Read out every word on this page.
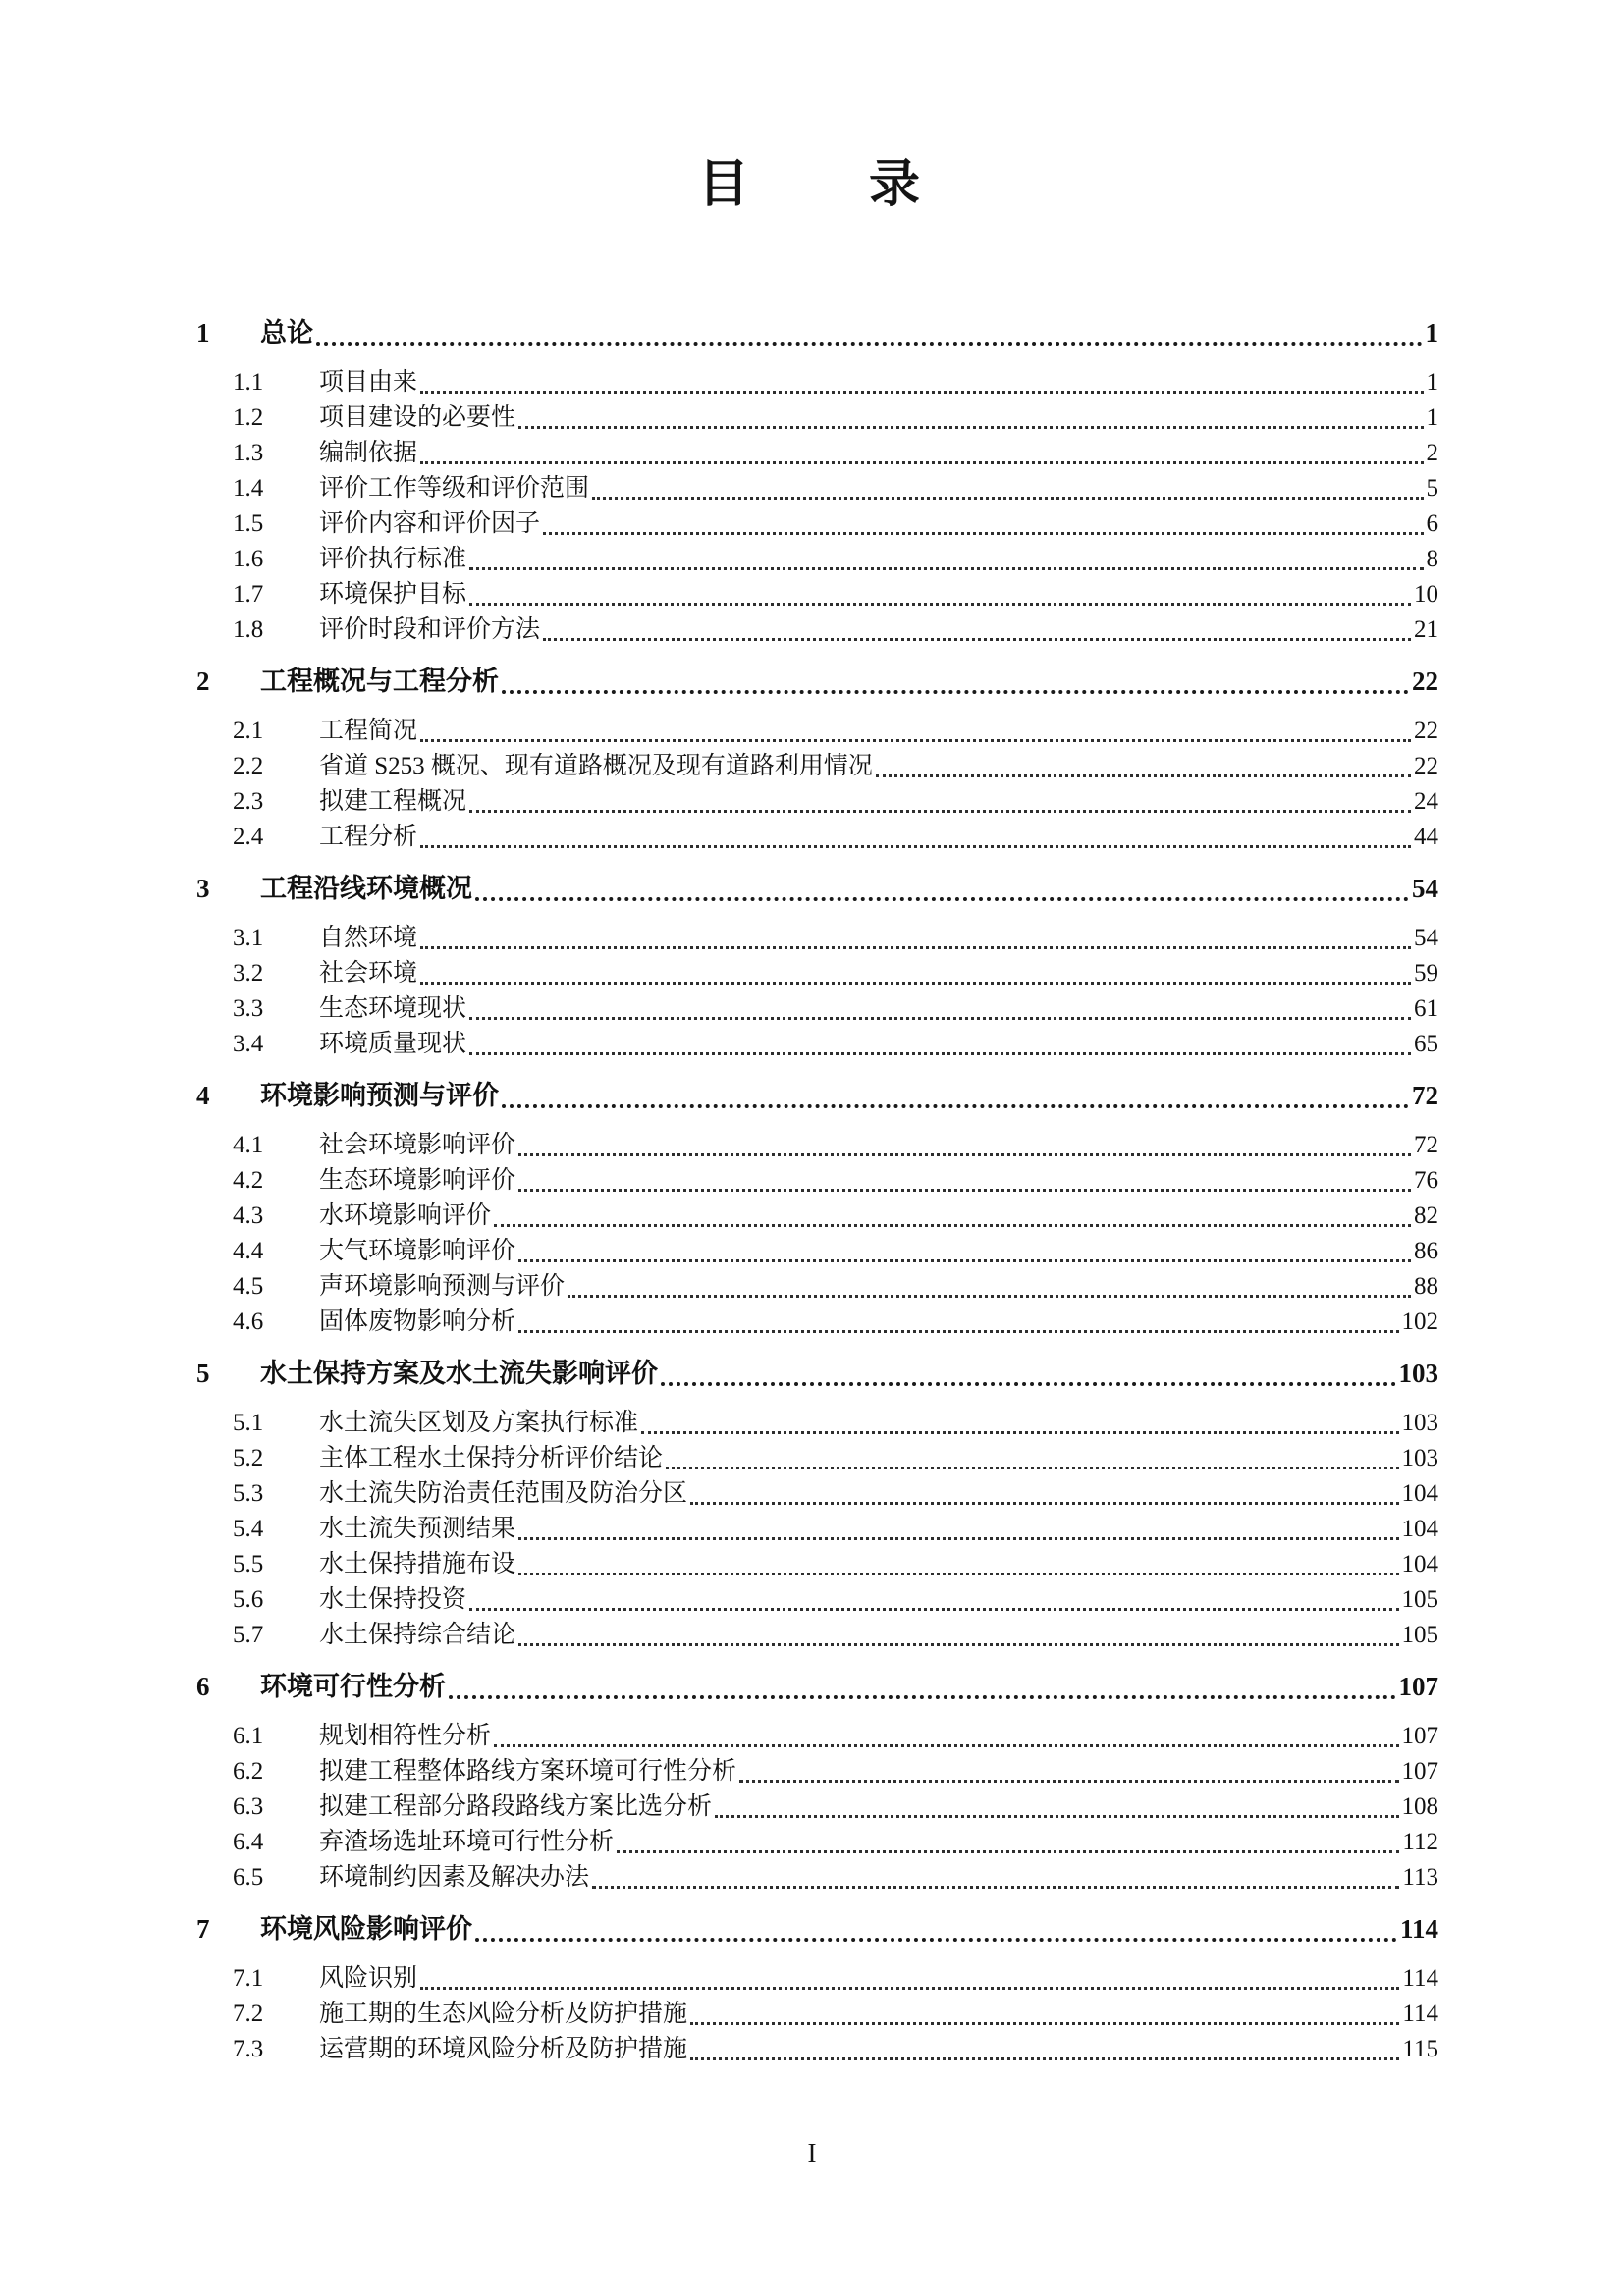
目　　录
1	总论	1
1.1	项目由来	1
1.2	项目建设的必要性	1
1.3	编制依据	2
1.4	评价工作等级和评价范围	5
1.5	评价内容和评价因子	6
1.6	评价执行标准	8
1.7	环境保护目标	10
1.8	评价时段和评价方法	21
2	工程概况与工程分析	22
2.1	工程简况	22
2.2	省道 S253 概况、现有道路概况及现有道路利用情况	22
2.3	拟建工程概况	24
2.4	工程分析	44
3	工程沿线环境概况	54
3.1	自然环境	54
3.2	社会环境	59
3.3	生态环境现状	61
3.4	环境质量现状	65
4	环境影响预测与评价	72
4.1	社会环境影响评价	72
4.2	生态环境影响评价	76
4.3	水环境影响评价	82
4.4	大气环境影响评价	86
4.5	声环境影响预测与评价	88
4.6	固体废物影响分析	102
5	水土保持方案及水土流失影响评价	103
5.1	水土流失区划及方案执行标准	103
5.2	主体工程水土保持分析评价结论	103
5.3	水土流失防治责任范围及防治分区	104
5.4	水土流失预测结果	104
5.5	水土保持措施布设	104
5.6	水土保持投资	105
5.7	水土保持综合结论	105
6	环境可行性分析	107
6.1	规划相符性分析	107
6.2	拟建工程整体路线方案环境可行性分析	107
6.3	拟建工程部分路段路线方案比选分析	108
6.4	弃渣场选址环境可行性分析	112
6.5	环境制约因素及解决办法	113
7	环境风险影响评价	114
7.1	风险识别	114
7.2	施工期的生态风险分析及防护措施	114
7.3	运营期的环境风险分析及防护措施	115
I
